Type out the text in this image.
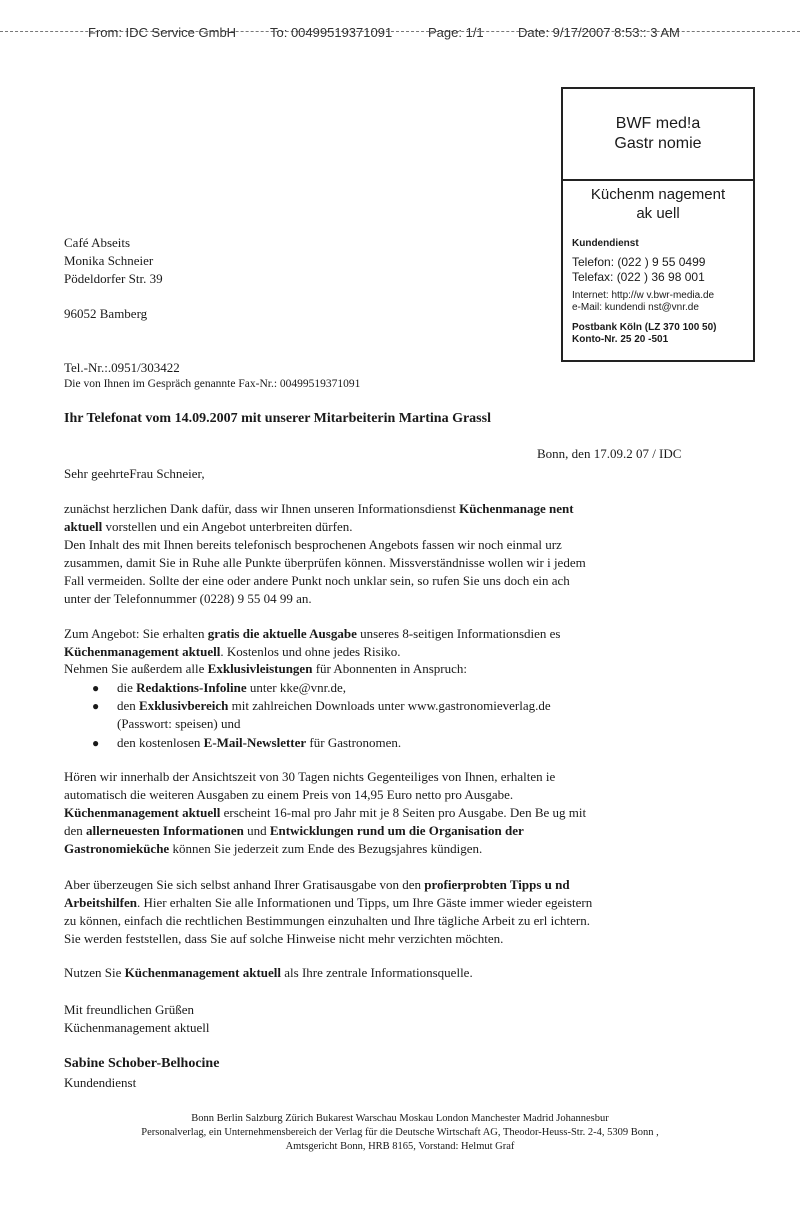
From: IDC Service GmbH	To: 00499519371091	Page: 1/1	Date: 9/17/2007 8:53:: 3 AM
BWF med!a
Gastr nomie
Küchenm nagement
ak uell
Kundendienst
Telefon: (022 ) 9 55 0499
Telefax: (022 ) 36 98 001
Internet: http://w v.bwr-media.de
e-Mail: kundendi nst@vnr.de
Postbank Köln (LZ 370 100 50)
Konto-Nr. 25 20 -501
Café Abseits
Monika Schneier
Pödeldorfer Str. 39
96052 Bamberg
Tel.-Nr.:.0951/303422
Die von Ihnen im Gespräch genannte Fax-Nr.: 00499519371091
Ihr Telefonat vom 14.09.2007 mit unserer Mitarbeiterin Martina Grassl
Bonn, den 17.09.2 07 / IDC
Sehr geehrteFrau Schneier,
zunächst herzlichen Dank dafür, dass wir Ihnen unseren Informationsdienst Küchenmanage nent
aktuell vorstellen und ein Angebot unterbreiten dürfen.
Den Inhalt des mit Ihnen bereits telefonisch besprochenen Angebots fassen wir noch einmal urz
zusammen, damit Sie in Ruhe alle Punkte überprüfen können. Missverständnisse wollen wir i jedem
Fall vermeiden. Sollte der eine oder andere Punkt noch unklar sein, so rufen Sie uns doch ein ach
unter der Telefonnummer (0228) 9 55 04 99 an.
Zum Angebot: Sie erhalten gratis die aktuelle Ausgabe unseres 8-seitigen Informationsdien es
Küchenmanagement aktuell. Kostenlos und ohne jedes Risiko.
Nehmen Sie außerdem alle Exklusivleistungen für Abonnenten in Anspruch:
● die Redaktions-Infoline unter kke@vnr.de,
● den Exklusivbereich mit zahlreichen Downloads unter www.gastronomieverlag.de
(Passwort: speisen) und
● den kostenlosen E-Mail-Newsletter für Gastronomen.
Hören wir innerhalb der Ansichtszeit von 30 Tagen nichts Gegenteiliges von Ihnen, erhalten ie
automatisch die weiteren Ausgaben zu einem Preis von 14,95 Euro netto pro Ausgabe.
Küchenmanagement aktuell erscheint 16-mal pro Jahr mit je 8 Seiten pro Ausgabe. Den Be ug mit
den allerneuesten Informationen und Entwicklungen rund um die Organisation der
Gastronomieküche können Sie jederzeit zum Ende des Bezugsjahres kündigen.
Aber überzeugen Sie sich selbst anhand Ihrer Gratisausgabe von den profierprobten Tipps u nd
Arbeitshilfen. Hier erhalten Sie alle Informationen und Tipps, um Ihre Gäste immer wieder egeistern
zu können, einfach die rechtlichen Bestimmungen einzuhalten und Ihre tägliche Arbeit zu erl ichtern.
Sie werden feststellen, dass Sie auf solche Hinweise nicht mehr verzichten möchten.
Nutzen Sie Küchenmanagement aktuell als Ihre zentrale Informationsquelle.
Mit freundlichen Grüßen
Küchenmanagement aktuell
Sabine Schober-Belhocine
Kundendienst
Bonn Berlin Salzburg Zürich Bukarest Warschau Moskau London Manchester Madrid Johannesbur
Personalverlag, ein Unternehmensbereich der Verlag für die Deutsche Wirtschaft AG, Theodor-Heuss-Str. 2-4, 5309 Bonn ,
Amtsgericht Bonn, HRB 8165, Vorstand: Helmut Graf
